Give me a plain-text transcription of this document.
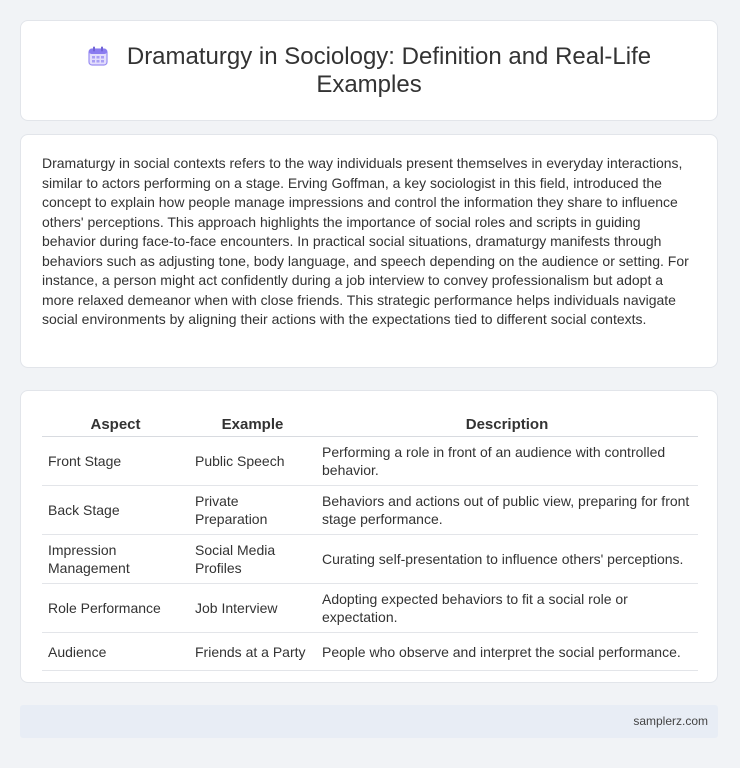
Dramaturgy in Sociology: Definition and Real-Life Examples

Dramaturgy in social contexts refers to the way individuals present themselves in everyday interactions, similar to actors performing on a stage. Erving Goffman, a key sociologist in this field, introduced the concept to explain how people manage impressions and control the information they share to influence others' perceptions. This approach highlights the importance of social roles and scripts in guiding behavior during face-to-face encounters. In practical social situations, dramaturgy manifests through behaviors such as adjusting tone, body language, and speech depending on the audience or setting. For instance, a person might act confidently during a job interview to convey professionalism but adopt a more relaxed demeanor when with close friends. This strategic performance helps individuals navigate social environments by aligning their actions with the expectations tied to different social contexts.

Aspect	Example	Description
Front Stage	Public Speech	Performing a role in front of an audience with controlled behavior.
Back Stage	Private Preparation	Behaviors and actions out of public view, preparing for front stage performance.
Impression Management	Social Media Profiles	Curating self-presentation to influence others' perceptions.
Role Performance	Job Interview	Adopting expected behaviors to fit a social role or expectation.
Audience	Friends at a Party	People who observe and interpret the social performance.
samplerz.com
